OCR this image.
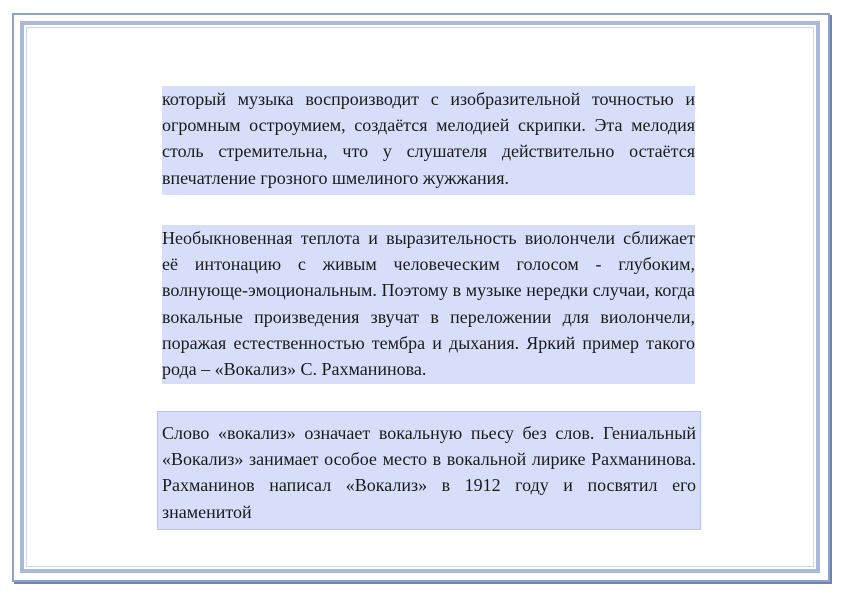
который музыка воспроизводит с изобразительной точностью и огромным остроумием, создаётся мелодией скрипки. Эта мелодия столь стремительна, что у слушателя действительно остаётся впечатление грозного шмелиного жужжания.

Необыкновенная теплота и выразительность виолончели сближает её интонацию с живым человеческим голосом - глубоким, волнующе-эмоциональным. Поэтому в музыке нередки случаи, когда вокальные произведения звучат в переложении для виолончели, поражая естественностью тембра и дыхания. Яркий пример такого рода – «Вокализ» С. Рахманинова.

Слово «вокализ» означает вокальную пьесу без слов. Гениальный «Вокализ» занимает особое место в вокальной лирике Рахманинова. Рахманинов написал «Вокализ» в 1912 году и посвятил его знаменитой
